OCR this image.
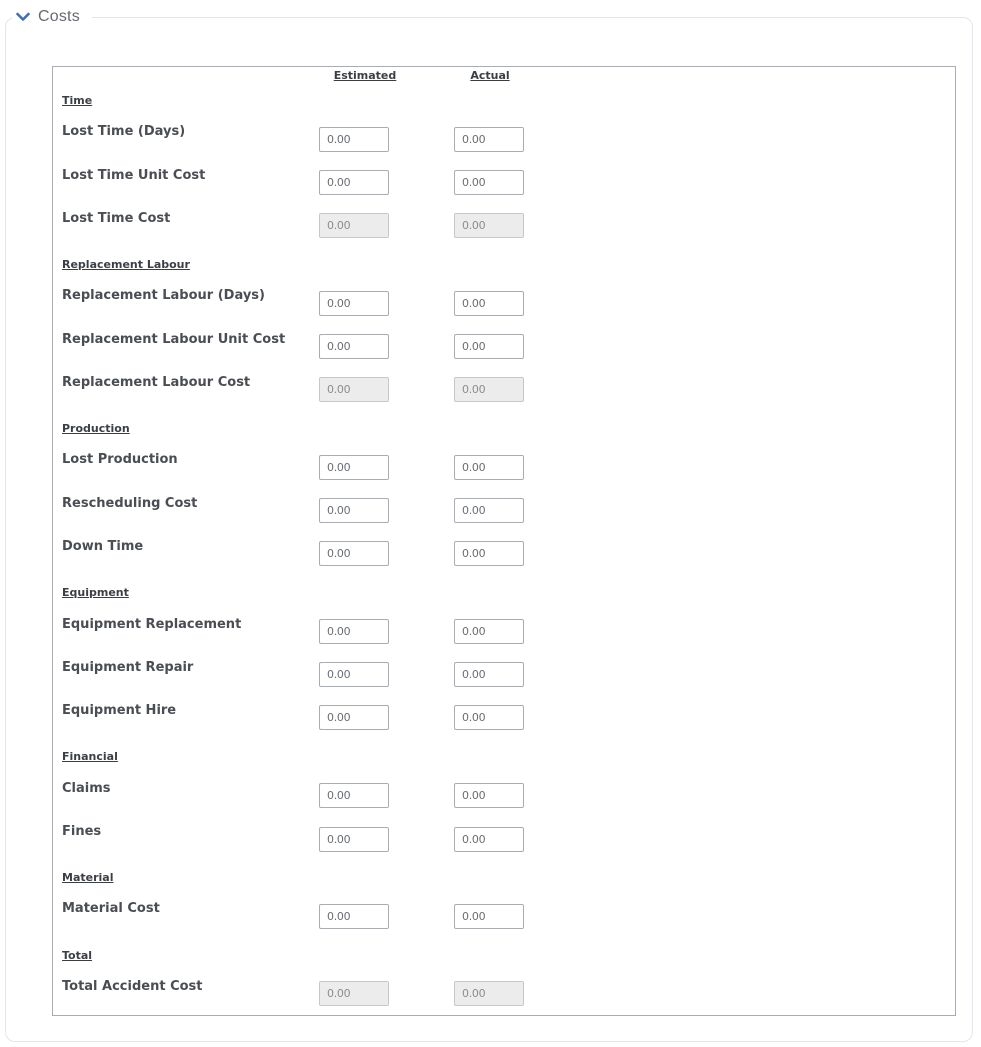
Costs
Estimated	Actual
Time
Lost Time (Days)
0.00
0.00
Lost Time Unit Cost
0.00
0.00
Lost Time Cost
0.00
0.00
Replacement Labour
Replacement Labour (Days)
0.00
0.00
Replacement Labour Unit Cost
0.00
0.00
Replacement Labour Cost
0.00
0.00
Production
Lost Production
0.00
0.00
Rescheduling Cost
0.00
0.00
Down Time
0.00
0.00
Equipment
Equipment Replacement
0.00
0.00
Equipment Repair
0.00
0.00
Equipment Hire
0.00
0.00
Financial
Claims
0.00
0.00
Fines
0.00
0.00
Material
Material Cost
0.00
0.00
Total
Total Accident Cost
0.00
0.00
